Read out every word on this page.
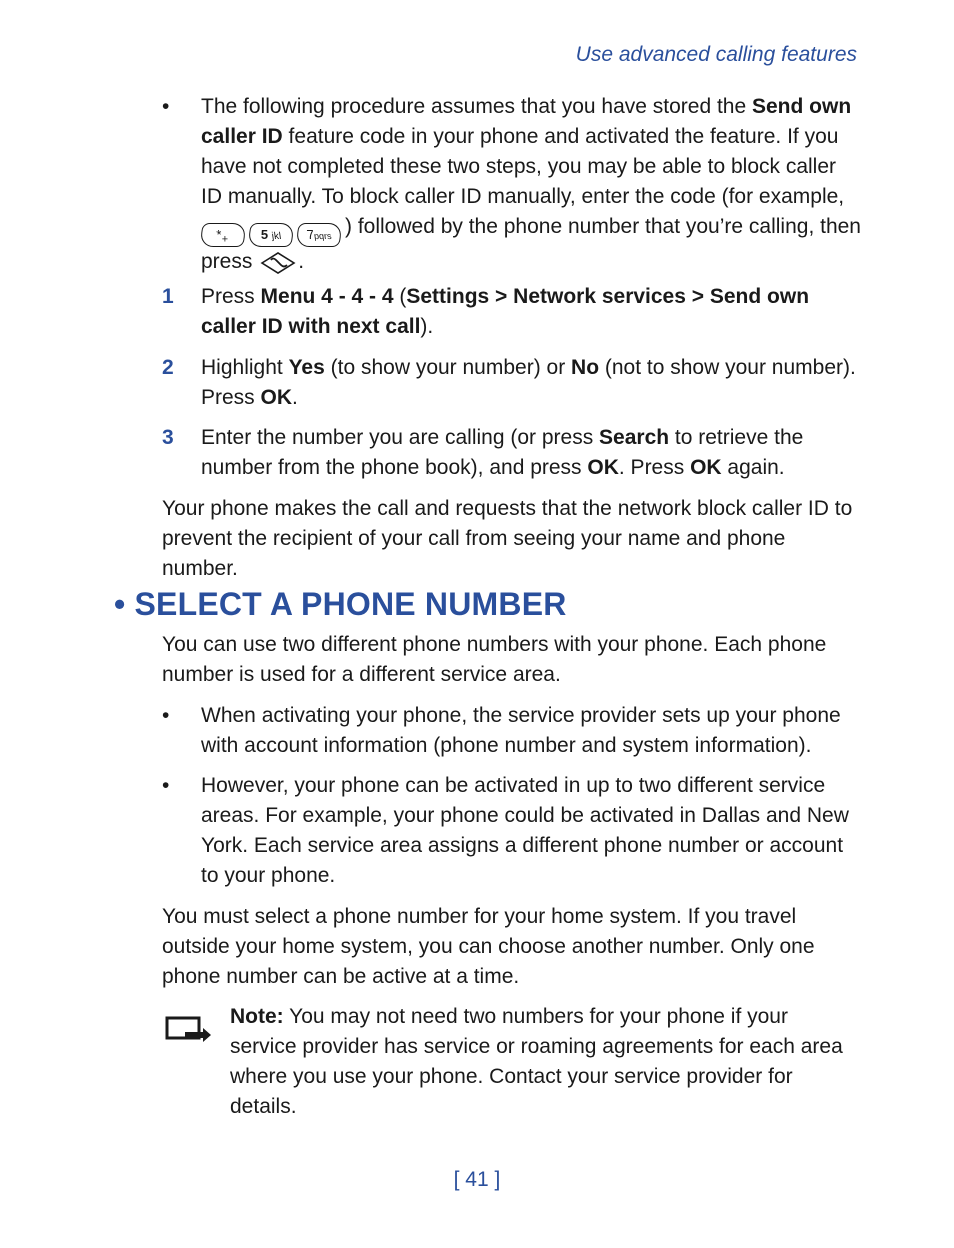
Use advanced calling features
• The following procedure assumes that you have stored the Send own caller ID feature code in your phone and activated the feature. If you have not completed these two steps, you may be able to block caller ID manually. To block caller ID manually, enter the code (for example, $*_+$ 5 jkl 7pqrs ) followed by the phone number that you’re calling, then press .
1 Press Menu 4 - 4 - 4 (Settings > Network services > Send own caller ID with next call).
2 Highlight Yes (to show your number) or No (not to show your number). Press OK.
3 Enter the number you are calling (or press Search to retrieve the number from the phone book), and press OK. Press OK again.
Your phone makes the call and requests that the network block caller ID to prevent the recipient of your call from seeing your name and phone number.
• SELECT A PHONE NUMBER
You can use two different phone numbers with your phone. Each phone number is used for a different service area.
• When activating your phone, the service provider sets up your phone with account information (phone number and system information).
• However, your phone can be activated in up to two different service areas. For example, your phone could be activated in Dallas and New York. Each service area assigns a different phone number or account to your phone.
You must select a phone number for your home system. If you travel outside your home system, you can choose another number. Only one phone number can be active at a time.
Note: You may not need two numbers for your phone if your service provider has service or roaming agreements for each area where you use your phone. Contact your service provider for details.
[ 41 ]
